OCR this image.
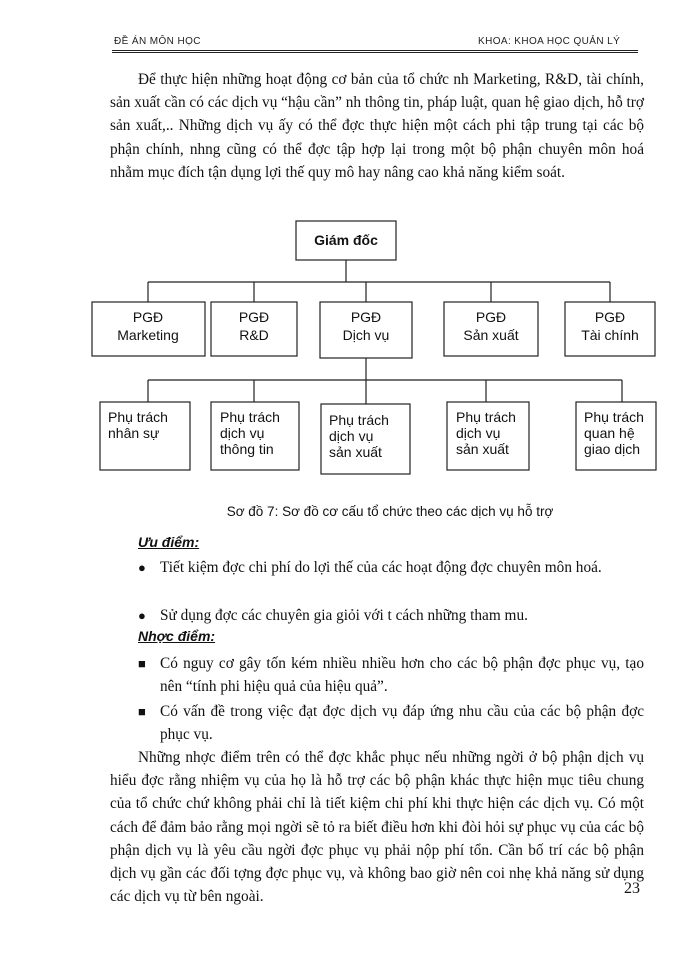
ĐỀ ÁN MÔN HỌC	KHOA: KHOA HỌC QUẢN LÝ

Để thực hiện những hoạt động cơ bản của tổ chức nh Marketing, R&D, tài chính, sản xuất cần có các dịch vụ “hậu cần” nh thông tin, pháp luật, quan hệ giao dịch, hỗ trợ sản xuất,.. Những dịch vụ ấy có thể đợc thực hiện một cách phi tập trung tại các bộ phận chính, nhng cũng có thể đợc tập hợp lại trong một bộ phận chuyên môn hoá nhằm mục đích tận dụng lợi thế quy mô hay nâng cao khả năng kiểm soát.

Giám đốc
PGĐ
Marketing
PGĐ
R&D
PGĐ
Dịch vụ
PGĐ
Sản xuất
PGĐ
Tài chính
Phụ trách
nhân sự
Phụ trách
dịch vụ
thông tin
Phụ trách
dịch vụ
sản xuất
Phụ trách
dịch vụ
sản xuất
Phụ trách
quan hệ
giao dịch
Sơ đồ 7: Sơ đồ cơ cấu tổ chức theo các dịch vụ hỗ trợ
Ưu điểm:
● Tiết kiệm đợc chi phí do lợi thế của các hoạt động đợc chuyên môn hoá.
● Sử dụng đợc các chuyên gia giỏi với t cách những tham mu.
Nhợc điểm:
■ Có nguy cơ gây tốn kém nhiều nhiều hơn cho các bộ phận đợc phục vụ, tạo nên “tính phi hiệu quả của hiệu quả”.
■ Có vấn đề trong việc đạt đợc dịch vụ đáp ứng nhu cầu của các bộ phận đợc phục vụ.

Những nhợc điểm trên có thể đợc khắc phục nếu những ngời ở bộ phận dịch vụ hiểu đợc rằng nhiệm vụ của họ là hỗ trợ các bộ phận khác thực hiện mục tiêu chung của tổ chức chứ không phải chỉ là tiết kiệm chi phí khi thực hiện các dịch vụ. Có một cách để đảm bảo rằng mọi ngời sẽ tỏ ra biết điều hơn khi đòi hỏi sự phục vụ của các bộ phận dịch vụ là yêu cầu ngời đợc phục vụ phải nộp phí tổn. Cần bố trí các bộ phận dịch vụ gần các đối tợng đợc phục vụ, và không bao giờ nên coi nhẹ khả năng sử dụng các dịch vụ từ bên ngoài.	23
